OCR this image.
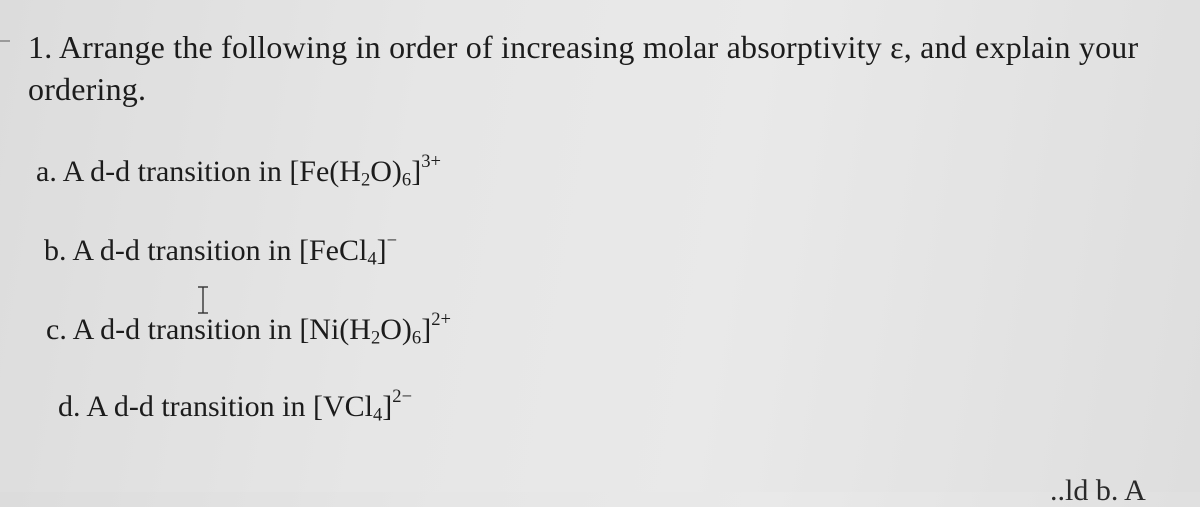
1. Arrange the following in order of increasing molar absorptivity ε, and explain your ordering.
a. A d-d transition in $[Fe(H_2O)_6]^{3+}$
b. A d-d transition in [FeCl$_4$]−
c. A d-d transition in $[Ni(H_2O)_6]^{2+}$
d. A d-d transition in $[VCl_4]^{2-}$
..ld b. A
